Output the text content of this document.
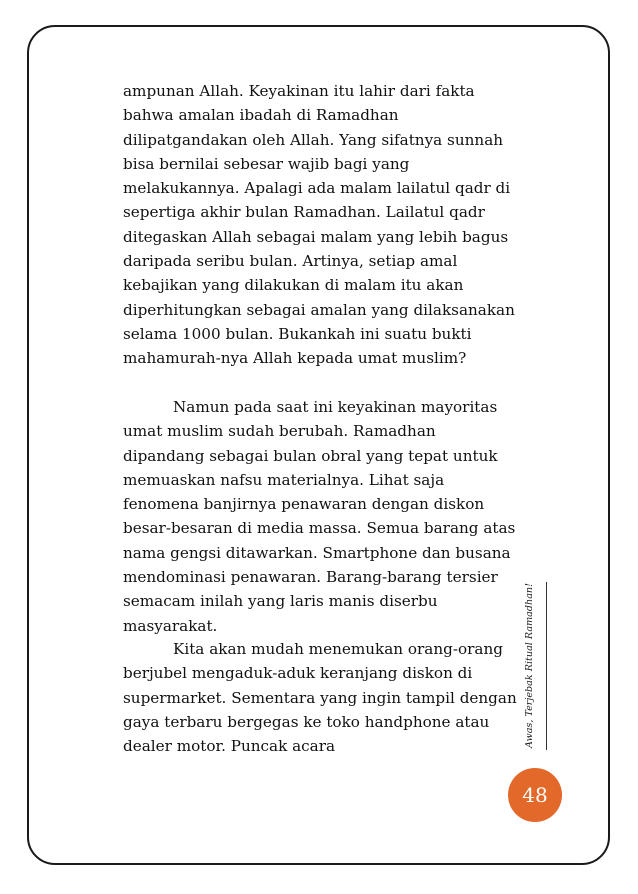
ampunan Allah. Keyakinan itu lahir dari fakta bahwa amalan ibadah di Ramadhan dilipatgandakan oleh Allah. Yang sifatnya sunnah bisa bernilai sebesar wajib bagi yang melakukannya. Apalagi ada malam lailatul qadr di sepertiga akhir bulan Ramadhan. Lailatul qadr ditegaskan Allah sebagai malam yang lebih bagus daripada seribu bulan. Artinya, setiap amal kebajikan yang dilakukan di malam itu akan diperhitungkan sebagai amalan yang dilaksanakan selama 1000 bulan. Bukankah ini suatu bukti mahamurah-nya Allah kepada umat muslim?

Namun pada saat ini keyakinan mayoritas umat muslim sudah berubah. Ramadhan dipandang sebagai bulan obral yang tepat untuk memuaskan nafsu materialnya. Lihat saja fenomena banjirnya penawaran dengan diskon besar-besaran di media massa. Semua barang atas nama gengsi ditawarkan. Smartphone dan busana mendominasi penawaran. Barang-barang tersier semacam inilah yang laris manis diserbu masyarakat.

Kita akan mudah menemukan orang-orang berjubel mengaduk-aduk keranjang diskon di supermarket. Sementara yang ingin tampil dengan gaya terbaru bergegas ke toko handphone atau dealer motor. Puncak acara	Awas, Terjebak Ritual Ramadhan!
48
